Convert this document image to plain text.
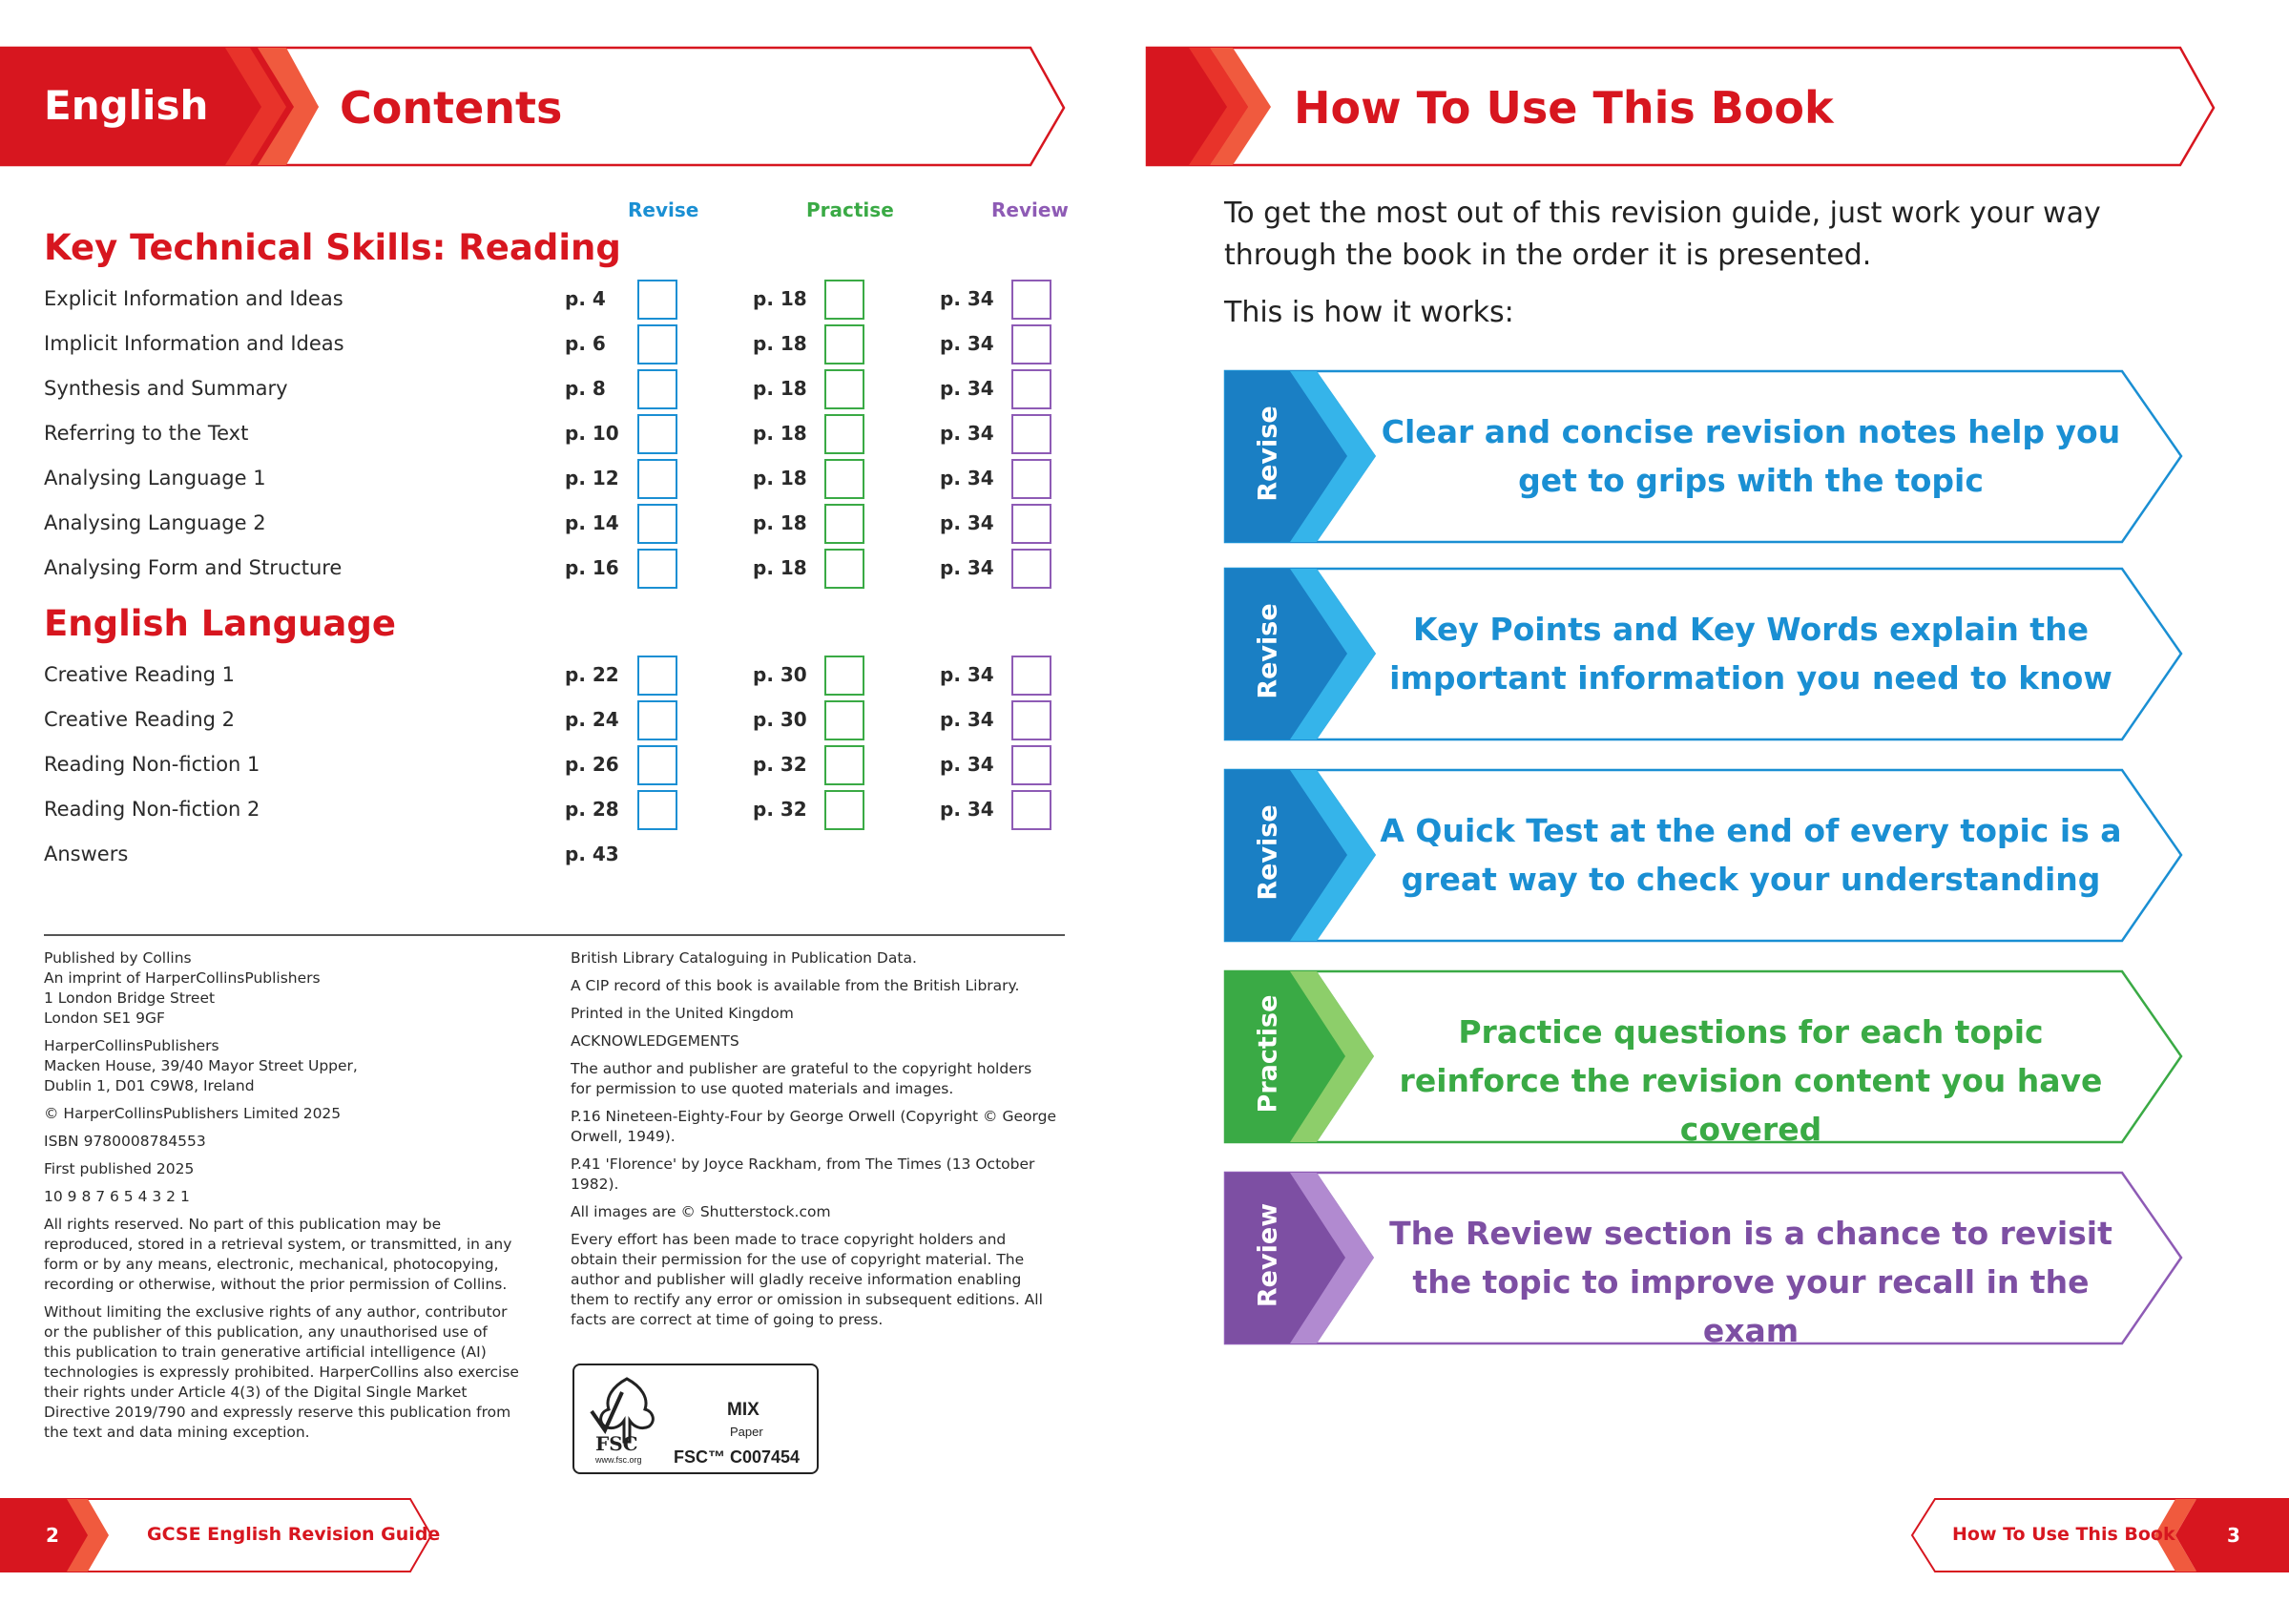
English	Contents
Revise	Practise	Review
Key Technical Skills: Reading
Explicit Information and Ideas	p. 4	p. 18	p. 34
Implicit Information and Ideas	p. 6	p. 18	p. 34
Synthesis and Summary	p. 8	p. 18	p. 34
Referring to the Text	p. 10	p. 18	p. 34
Analysing Language 1	p. 12	p. 18	p. 34
Analysing Language 2	p. 14	p. 18	p. 34
Analysing Form and Structure	p. 16	p. 18	p. 34
English Language
Creative Reading 1	p. 22	p. 30	p. 34
Creative Reading 2	p. 24	p. 30	p. 34
Reading Non-fiction 1	p. 26	p. 32	p. 34
Reading Non-fiction 2	p. 28	p. 32	p. 34
Answers	p. 43

Published by Collins
An imprint of HarperCollinsPublishers
1 London Bridge Street
London SE1 9GF

HarperCollinsPublishers
Macken House, 39/40 Mayor Street Upper,
Dublin 1, D01 C9W8, Ireland

© HarperCollinsPublishers Limited 2025

ISBN 9780008784553

First published 2025

10 9 8 7 6 5 4 3 2 1

All rights reserved. No part of this publication may be
reproduced, stored in a retrieval system, or transmitted, in any
form or by any means, electronic, mechanical, photocopying,
recording or otherwise, without the prior permission of Collins.

Without limiting the exclusive rights of any author, contributor
or the publisher of this publication, any unauthorised use of
this publication to train generative artificial intelligence (AI)
technologies is expressly prohibited. HarperCollins also exercise
their rights under Article 4(3) of the Digital Single Market
Directive 2019/790 and expressly reserve this publication from
the text and data mining exception.

British Library Cataloguing in Publication Data.

A CIP record of this book is available from the British Library.

Printed in the United Kingdom

ACKNOWLEDGEMENTS

The author and publisher are grateful to the copyright holders
for permission to use quoted materials and images.

P.16 Nineteen-Eighty-Four by George Orwell (Copyright © George
Orwell, 1949).

P.41 'Florence' by Joyce Rackham, from The Times (13 October 1982).

All images are © Shutterstock.com

Every effort has been made to trace copyright holders and
obtain their permission for the use of copyright material. The
author and publisher will gladly receive information enabling
them to rectify any error or omission in subsequent editions. All
facts are correct at time of going to press.

FSC
www.fsc.org
MIX
Paper
FSC™ C007454
2	GCSE English Revision Guide
How To Use This Book
To get the most out of this revision guide, just work your way through the book in the order it is presented.
This is how it works:
Revise	Clear and concise revision notes help you get to grips with the topic
Revise	Key Points and Key Words explain the important information you need to know
Revise	A Quick Test at the end of every topic is a great way to check your understanding
Practise	Practice questions for each topic reinforce the revision content you have covered
Review	The Review section is a chance to revisit the topic to improve your recall in the exam
How To Use This Book	3
